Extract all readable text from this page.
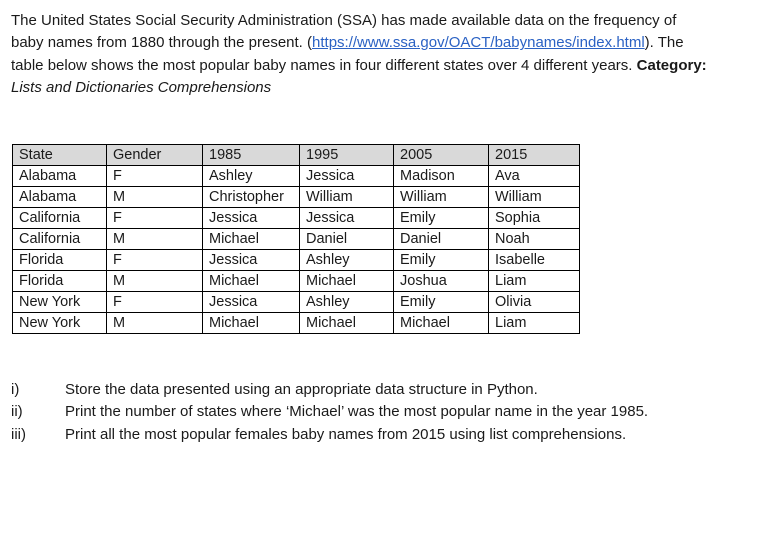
The United States Social Security Administration (SSA) has made available data on the frequency of baby names from 1880 through the present. (https://www.ssa.gov/OACT/babynames/index.html). The table below shows the most popular baby names in four different states over 4 different years. Category: Lists and Dictionaries Comprehensions
State	Gender	1985	1995	2005	2015
Alabama	F	Ashley	Jessica	Madison	Ava
Alabama	M	Christopher	William	William	William
California	F	Jessica	Jessica	Emily	Sophia
California	M	Michael	Daniel	Daniel	Noah
Florida	F	Jessica	Ashley	Emily	Isabelle
Florida	M	Michael	Michael	Joshua	Liam
New York	F	Jessica	Ashley	Emily	Olivia
New York	M	Michael	Michael	Michael	Liam
i)	Store the data presented using an appropriate data structure in Python.
ii)	Print the number of states where ‘Michael’ was the most popular name in the year 1985.
iii)	Print all the most popular females baby names from 2015 using list comprehensions.
